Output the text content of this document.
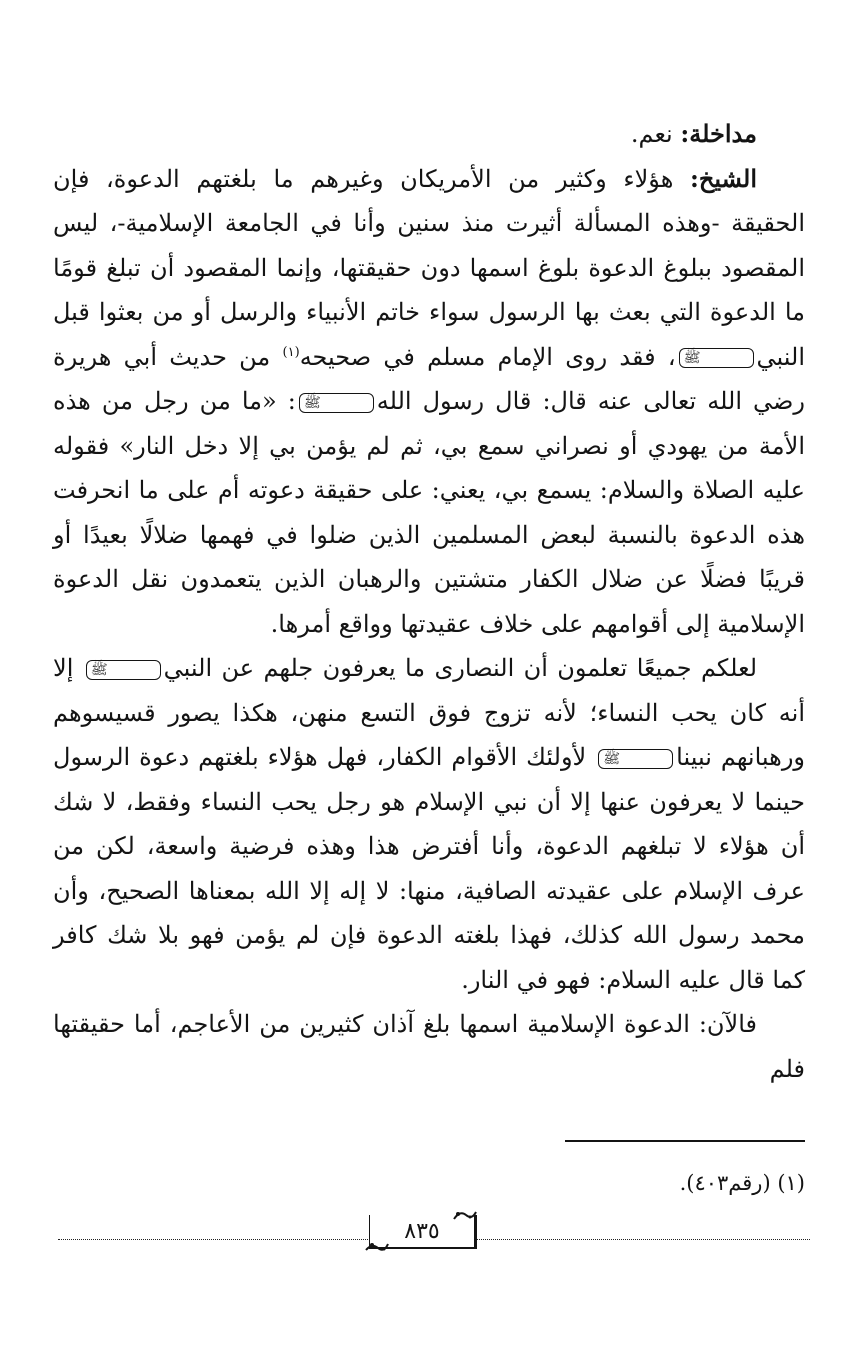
مداخلة: نعم.

الشيخ: هؤلاء وكثير من الأمريكان وغيرهم ما بلغتهم الدعوة، فإن الحقيقة -وهذه المسألة أثيرت منذ سنين وأنا في الجامعة الإسلامية-، ليس المقصود ببلوغ الدعوة بلوغ اسمها دون حقيقتها، وإنما المقصود أن تبلغ قومًا ما الدعوة التي بعث بها الرسول سواء خاتم الأنبياء والرسل أو من بعثوا قبل النبيﷺ، فقد روى الإمام مسلم في صحيحه$^{(١)}$ من حديث أبي هريرة رضي الله تعالى عنه قال: قال رسول اللهﷺ: «ما من رجل من هذه الأمة من يهودي أو نصراني سمع بي، ثم لم يؤمن بي إلا دخل النار» فقوله عليه الصلاة والسلام: يسمع بي، يعني: على حقيقة دعوته أم على ما انحرفت هذه الدعوة بالنسبة لبعض المسلمين الذين ضلوا في فهمها ضلالًا بعيدًا أو قريبًا فضلًا عن ضلال الكفار متشتين والرهبان الذين يتعمدون نقل الدعوة الإسلامية إلى أقوامهم على خلاف عقيدتها وواقع أمرها.

لعلكم جميعًا تعلمون أن النصارى ما يعرفون جلهم عن النبيﷺ إلا أنه كان يحب النساء؛ لأنه تزوج فوق التسع منهن، هكذا يصور قسيسوهم ورهبانهم نبيناﷺ لأولئك الأقوام الكفار، فهل هؤلاء بلغتهم دعوة الرسول حينما لا يعرفون عنها إلا أن نبي الإسلام هو رجل يحب النساء وفقط، لا شك أن هؤلاء لا تبلغهم الدعوة، وأنا أفترض هذا وهذه فرضية واسعة، لكن من عرف الإسلام على عقيدته الصافية، منها: لا إله إلا الله بمعناها الصحيح، وأن محمد رسول الله كذلك، فهذا بلغته الدعوة فإن لم يؤمن فهو بلا شك كافر كما قال عليه السلام: فهو في النار.

فالآن: الدعوة الإسلامية اسمها بلغ آذان كثيرين من الأعاجم، أما حقيقتها فلم

(١) (رقم٤٠٣).
٨٣٥
